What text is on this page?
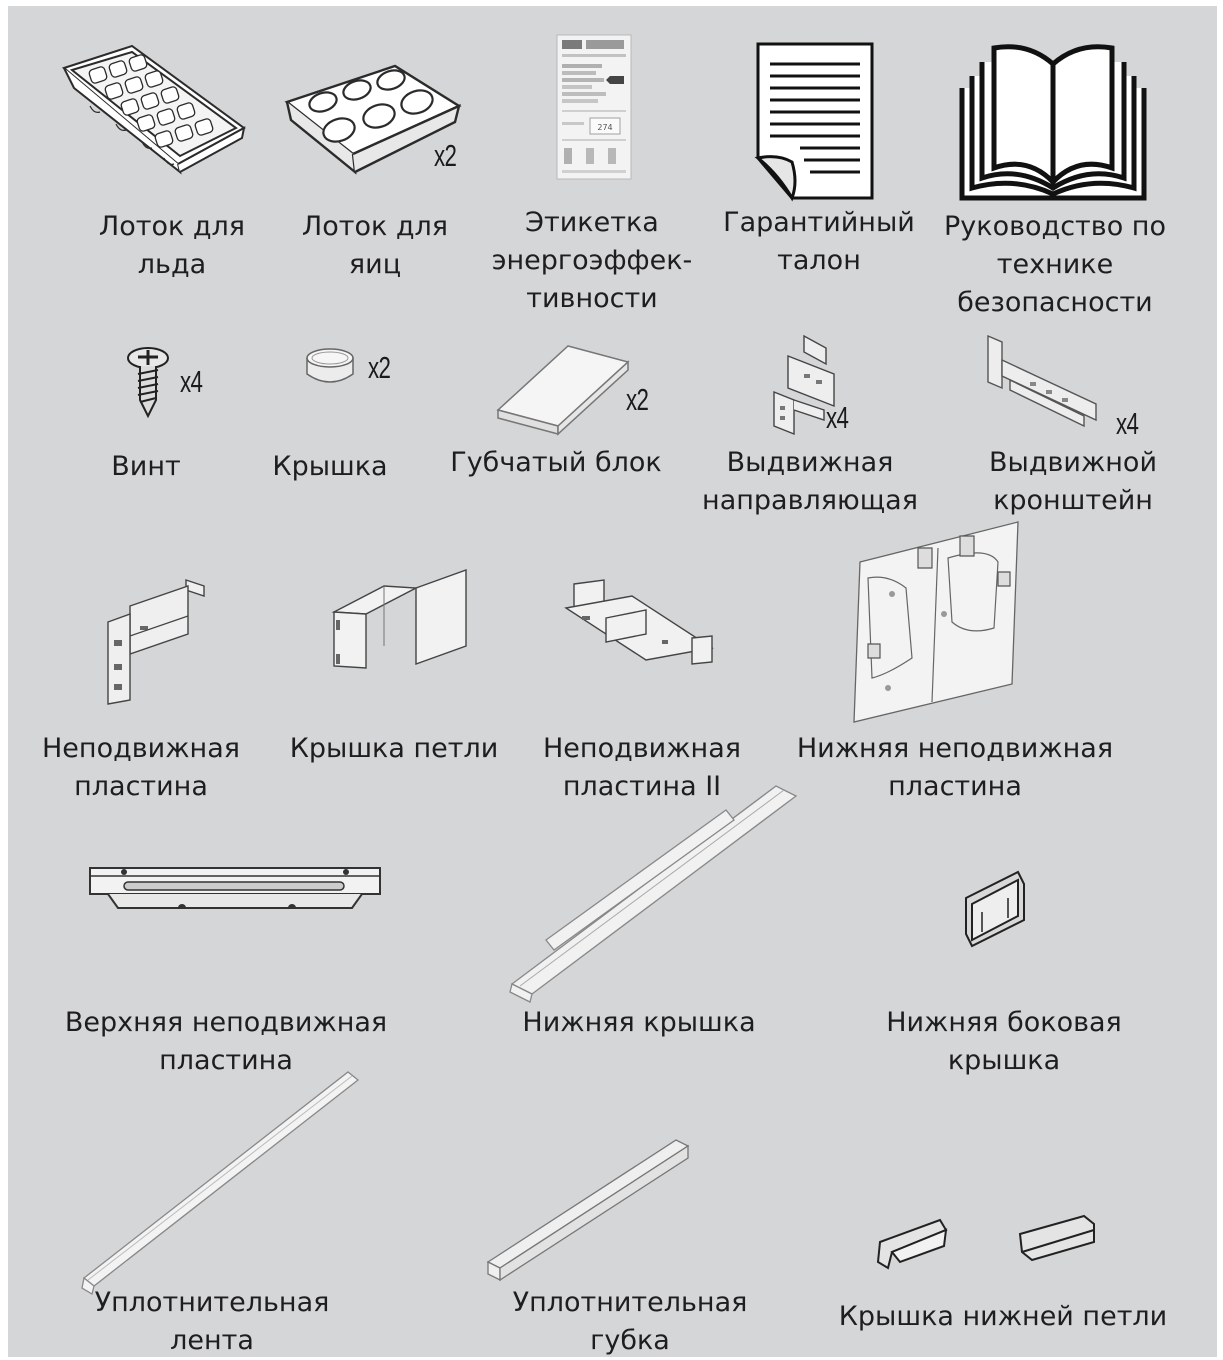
Лоток для
льда
x2
Лоток для
яиц
274
Этикетка
энергоэффек-
тивности
Гарантийный
талон
Руководство по
технике
безопасности
x4
Винт
x2
Крышка
x2
Губчатый блок
x4
Выдвижная
направляющая
x4
Выдвижной
кронштейн
Неподвижная
пластина
Крышка петли	Неподвижная
пластина II
Нижняя неподвижная
пластина
Верхняя неподвижная
пластина
Нижняя крышка	Нижняя боковая
крышка
Уплотнительная
лента
Уплотнительная
губка
Крышка нижней петли
